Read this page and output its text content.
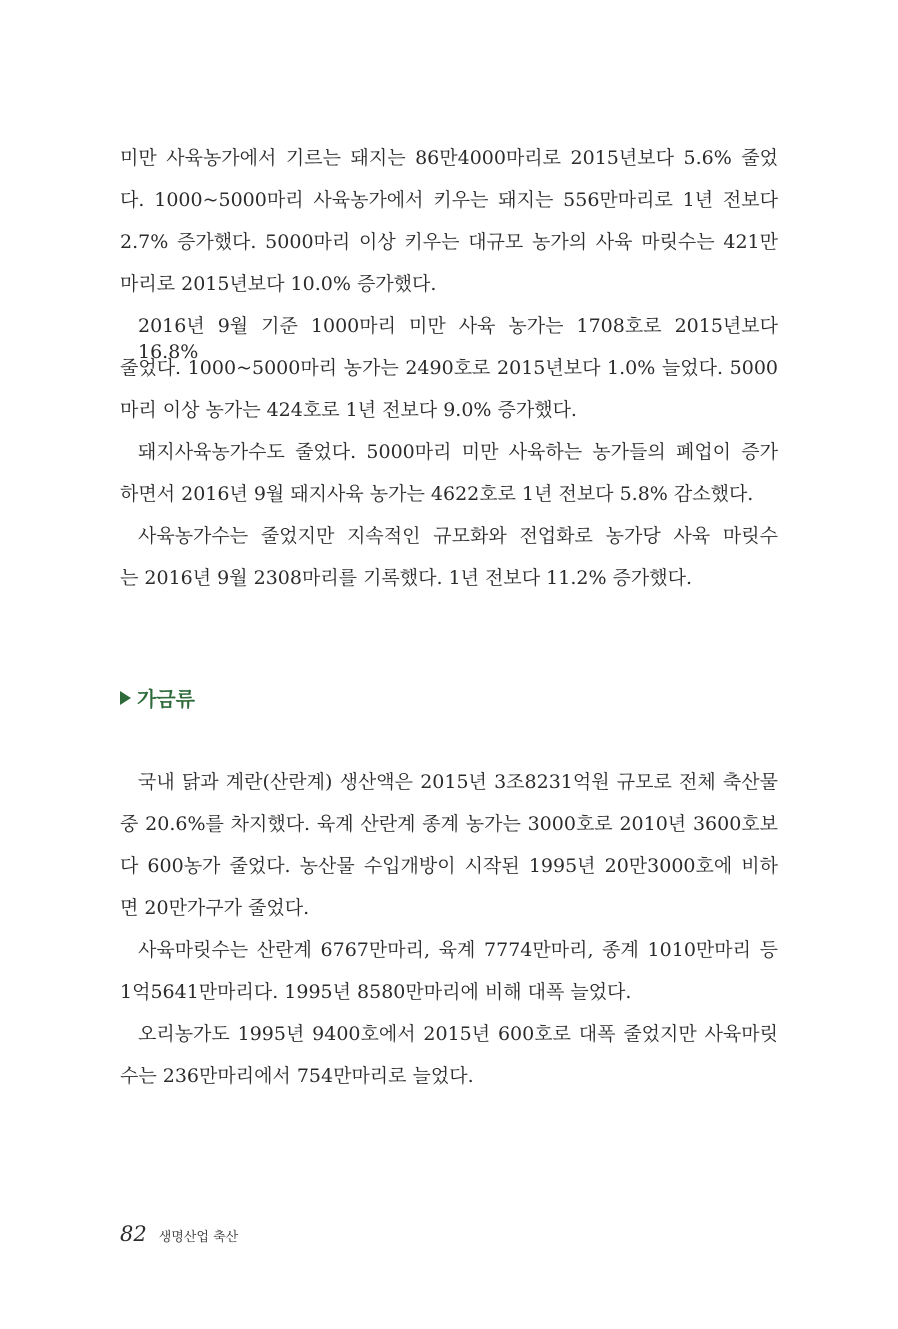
미만 사육농가에서 기르는 돼지는 86만4000마리로 2015년보다 5.6% 줄었
다. 1000~5000마리 사육농가에서 키우는 돼지는 556만마리로 1년 전보다
2.7% 증가했다. 5000마리 이상 키우는 대규모 농가의 사육 마릿수는 421만
마리로 2015년보다 10.0% 증가했다.
2016년 9월 기준 1000마리 미만 사육 농가는 1708호로 2015년보다 16.8%
줄었다. 1000~5000마리 농가는 2490호로 2015년보다 1.0% 늘었다. 5000
마리 이상 농가는 424호로 1년 전보다 9.0% 증가했다.
돼지사육농가수도 줄었다. 5000마리 미만 사육하는 농가들의 폐업이 증가
하면서 2016년 9월 돼지사육 농가는 4622호로 1년 전보다 5.8% 감소했다.
사육농가수는 줄었지만 지속적인 규모화와 전업화로 농가당 사육 마릿수
는 2016년 9월 2308마리를 기록했다. 1년 전보다 11.2% 증가했다.
가금류
국내 닭과 계란(산란계) 생산액은 2015년 3조8231억원 규모로 전체 축산물
중 20.6%를 차지했다. 육계 산란계 종계 농가는 3000호로 2010년 3600호보
다 600농가 줄었다. 농산물 수입개방이 시작된 1995년 20만3000호에 비하
면 20만가구가 줄었다.
사육마릿수는 산란계 6767만마리, 육계 7774만마리, 종계 1010만마리 등
1억5641만마리다. 1995년 8580만마리에 비해 대폭 늘었다.
오리농가도 1995년 9400호에서 2015년 600호로 대폭 줄었지만 사육마릿
수는 236만마리에서 754만마리로 늘었다.
82 생명산업 축산
